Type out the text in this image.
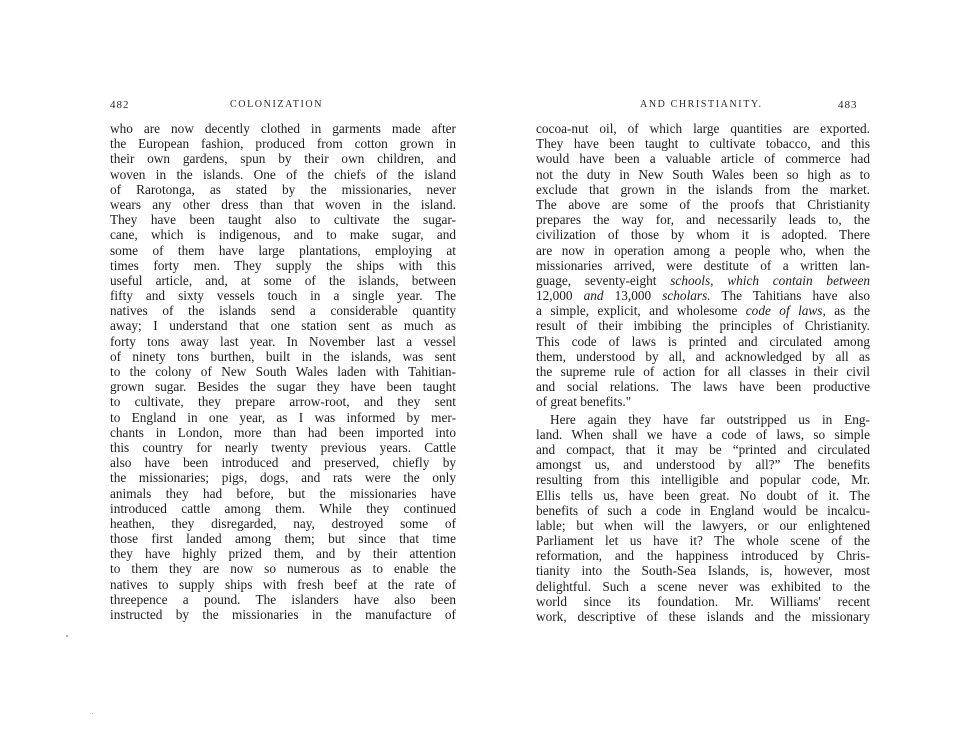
482	COLONIZATION
who are now decently clothed in garments made after
the European fashion, produced from cotton grown in
their own gardens, spun by their own children, and
woven in the islands. One of the chiefs of the island
of Rarotonga, as stated by the missionaries, never
wears any other dress than that woven in the island.
They have been taught also to cultivate the sugar-
cane, which is indigenous, and to make sugar, and
some of them have large plantations, employing at
times forty men. They supply the ships with this
useful article, and, at some of the islands, between
fifty and sixty vessels touch in a single year. The
natives of the islands send a considerable quantity
away; I understand that one station sent as much as
forty tons away last year. In November last a vessel
of ninety tons burthen, built in the islands, was sent
to the colony of New South Wales laden with Tahitian-
grown sugar. Besides the sugar they have been taught
to cultivate, they prepare arrow-root, and they sent
to England in one year, as I was informed by mer-
chants in London, more than had been imported into
this country for nearly twenty previous years. Cattle
also have been introduced and preserved, chiefly by
the missionaries; pigs, dogs, and rats were the only
animals they had before, but the missionaries have
introduced cattle among them. While they continued
heathen, they disregarded, nay, destroyed some of
those first landed among them; but since that time
they have highly prized them, and by their attention
to them they are now so numerous as to enable the
natives to supply ships with fresh beef at the rate of
threepence a pound. The islanders have also been
instructed by the missionaries in the manufacture of
AND CHRISTIANITY.	483
cocoa-nut oil, of which large quantities are exported.
They have been taught to cultivate tobacco, and this
would have been a valuable article of commerce had
not the duty in New South Wales been so high as to
exclude that grown in the islands from the market.
The above are some of the proofs that Christianity
prepares the way for, and necessarily leads to, the
civilization of those by whom it is adopted. There
are now in operation among a people who, when the
missionaries arrived, were destitute of a written lan-
guage, seventy-eight schools, which contain between
12,000 and 13,000 scholars. The Tahitians have also
a simple, explicit, and wholesome code of laws, as the
result of their imbibing the principles of Christianity.
This code of laws is printed and circulated among
them, understood by all, and acknowledged by all as
the supreme rule of action for all classes in their civil
and social relations. The laws have been productive
of great benefits."
Here again they have far outstripped us in Eng-
land. When shall we have a code of laws, so simple
and compact, that it may be “printed and circulated
amongst us, and understood by all?” The benefits
resulting from this intelligible and popular code, Mr.
Ellis tells us, have been great. No doubt of it. The
benefits of such a code in England would be incalcu-
lable; but when will the lawyers, or our enlightened
Parliament let us have it? The whole scene of the
reformation, and the happiness introduced by Chris-
tianity into the South-Sea Islands, is, however, most
delightful. Such a scene never was exhibited to the
world since its foundation. Mr. Williams' recent
work, descriptive of these islands and the missionary
